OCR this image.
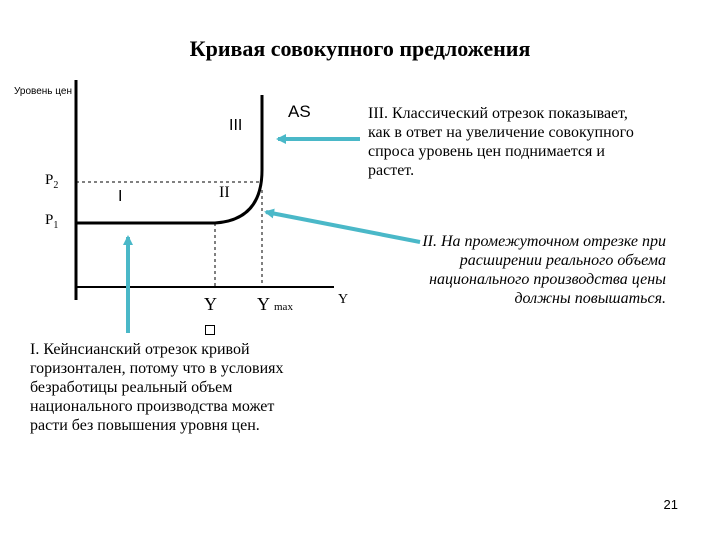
Кривая совокупного предложения
Уровень цен
$P_2$
$P_1$
AS
III
II
I
Y Ymax	Y
III. Классический отрезок показывает, как в ответ на увеличение совокупного спроса уровень цен поднимается и растет.
II. На промежуточном отрезке при расширении реального объема национального производства цены должны повышаться.
I. Кейнсианский отрезок кривой горизонтален, потому что в условиях безработицы реальный объем национального производства может расти без повышения уровня цен.
21
